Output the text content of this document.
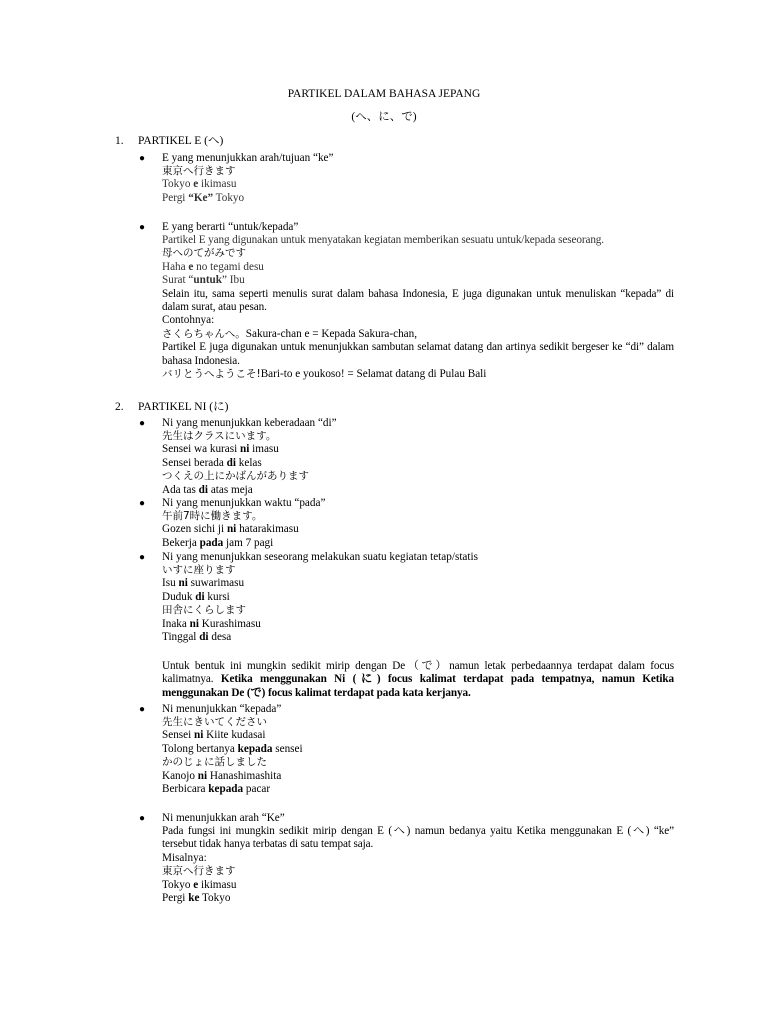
PARTIKEL DALAM BAHASA JEPANG
(へ、に、で)
1. PARTIKEL E (へ)
● E yang menunjukkan arah/tujuan “ke”
東京へ行きます
Tokyo e ikimasu
Pergi “Ke” Tokyo
● E yang berarti “untuk/kepada”
Partikel E yang digunakan untuk menyatakan kegiatan memberikan sesuatu untuk/kepada seseorang.
母へのてがみです
Haha e no tegami desu
Surat “untuk” Ibu
Selain itu, sama seperti menulis surat dalam bahasa Indonesia, E juga digunakan untuk menuliskan “kepada” di dalam surat, atau pesan.
Contohnya:
さくらちゃんへ。Sakura-chan e = Kepada Sakura-chan,
Partikel E juga digunakan untuk menunjukkan sambutan selamat datang dan artinya sedikit bergeser ke “di” dalam bahasa Indonesia.
バリとうへようこそ!Bari-to e youkoso! = Selamat datang di Pulau Bali
2. PARTIKEL NI (に)
● Ni yang menunjukkan keberadaan “di”
先生はクラスにいます。
Sensei wa kurasi ni imasu
Sensei berada di kelas
つくえの上にかばんがあります
Ada tas di atas meja
● Ni yang menunjukkan waktu “pada”
午前7時に働きます。
Gozen sichi ji ni hatarakimasu
Bekerja pada jam 7 pagi
● Ni yang menunjukkan seseorang melakukan suatu kegiatan tetap/statis
いすに座ります
Isu ni suwarimasu
Duduk di kursi
田舎にくらします
Inaka ni Kurashimasu
Tinggal di desa
Untuk bentuk ini mungkin sedikit mirip dengan De（で）namun letak perbedaannya terdapat dalam focus kalimatnya. Ketika menggunakan Ni (に) focus kalimat terdapat pada tempatnya, namun Ketika menggunakan De (で) focus kalimat terdapat pada kata kerjanya.
● Ni menunjukkan “kepada”
先生にきいてください
Sensei ni Kiite kudasai
Tolong bertanya kepada sensei
かのじょに話しました
Kanojo ni Hanashimashita
Berbicara kepada pacar
● Ni menunjukkan arah “Ke”
Pada fungsi ini mungkin sedikit mirip dengan E (へ) namun bedanya yaitu Ketika menggunakan E (へ) “ke” tersebut tidak hanya terbatas di satu tempat saja.
Misalnya:
東京へ行きます
Tokyo e ikimasu
Pergi ke Tokyo
